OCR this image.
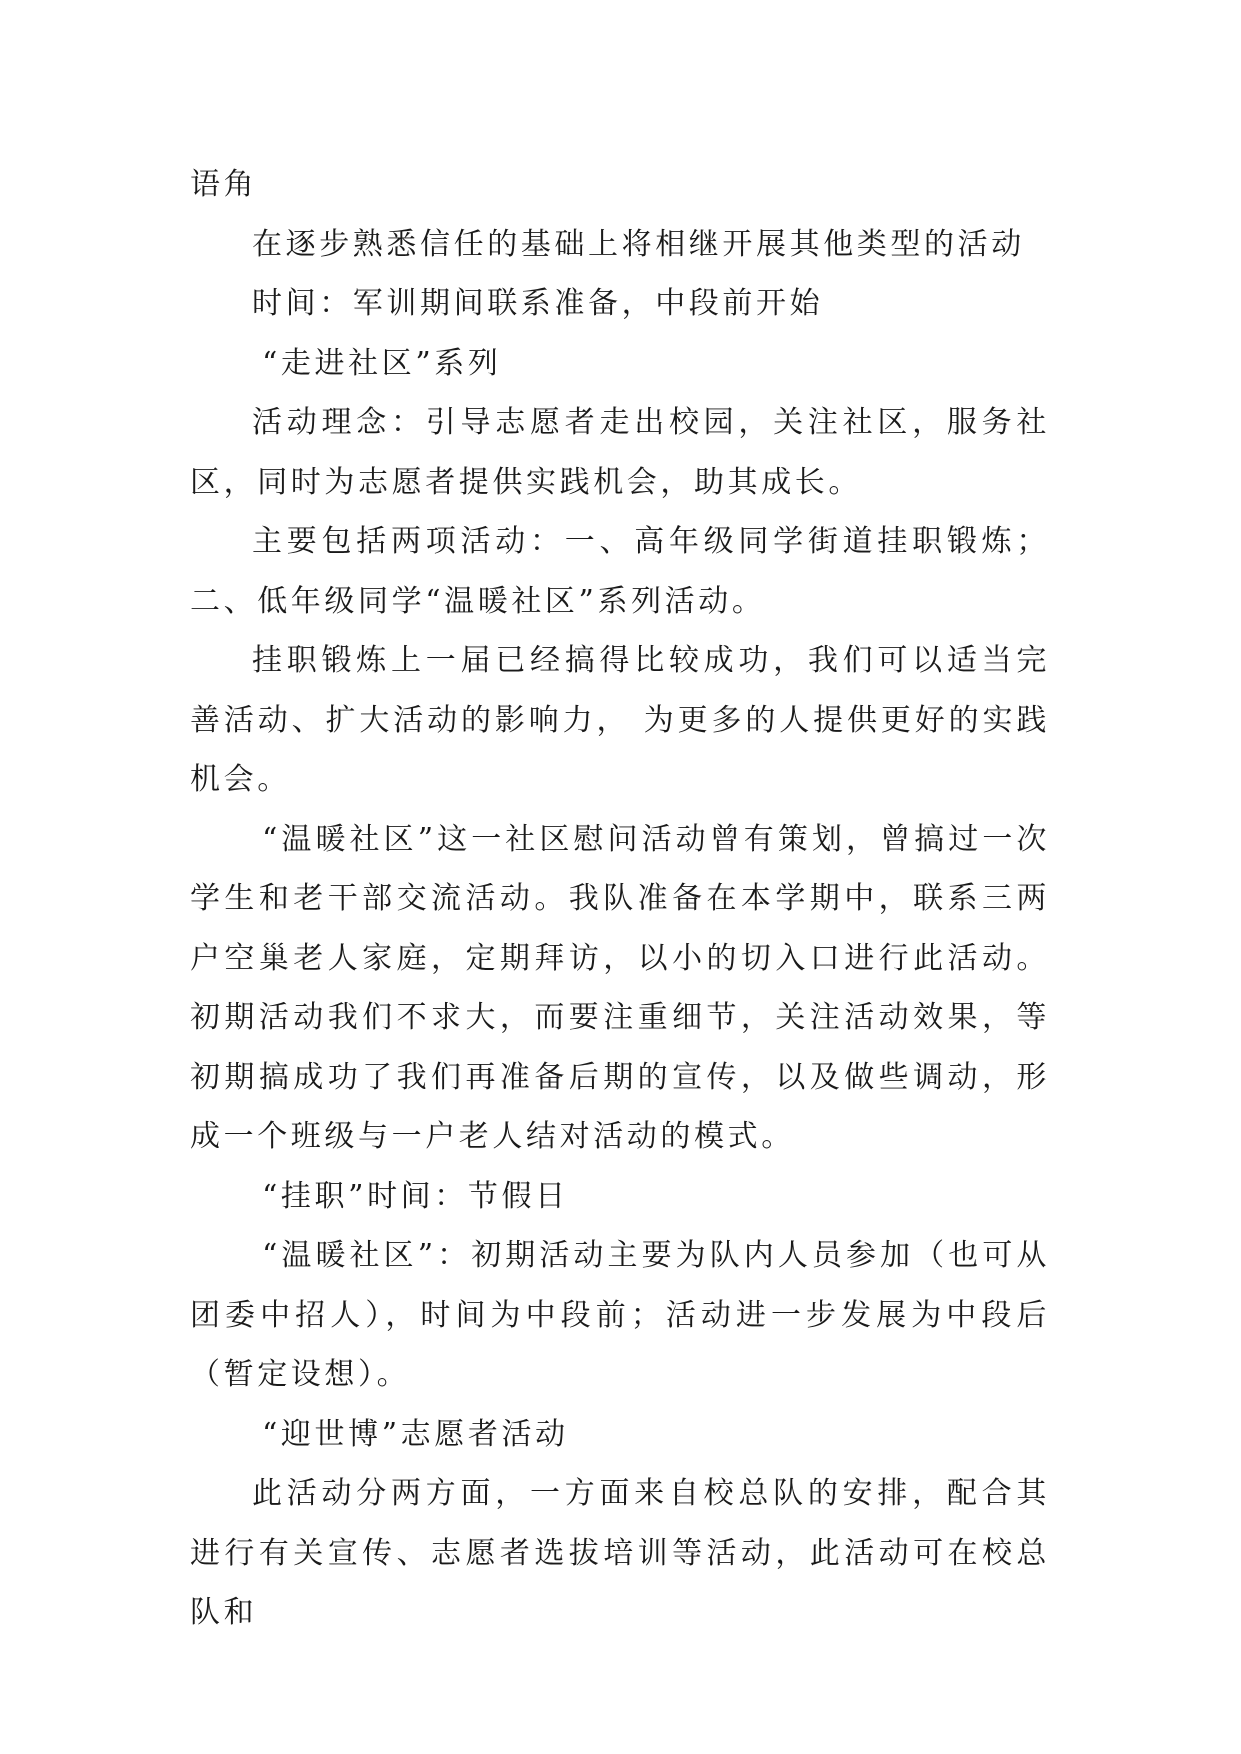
语角

在逐步熟悉信任的基础上将相继开展其他类型的活动

时间：军训期间联系准备，中段前开始

“走进社区”系列

活动理念：引导志愿者走出校园，关注社区，服务社区，同时为志愿者提供实践机会，助其成长。

主要包括两项活动：一、高年级同学街道挂职锻炼；二、低年级同学“温暖社区”系列活动。

挂职锻炼上一届已经搞得比较成功，我们可以适当完善活动、扩大活动的影响力， 为更多的人提供更好的实践机会。

“温暖社区”这一社区慰问活动曾有策划，曾搞过一次学生和老干部交流活动。我队准备在本学期中，联系三两户空巢老人家庭，定期拜访，以小的切入口进行此活动。初期活动我们不求大，而要注重细节，关注活动效果，等初期搞成功了我们再准备后期的宣传，以及做些调动，形成一个班级与一户老人结对活动的模式。

“挂职”时间：节假日

“温暖社区”：初期活动主要为队内人员参加（也可从团委中招人），时间为中段前；活动进一步发展为中段后（暂定设想）。

“迎世博”志愿者活动

此活动分两方面，一方面来自校总队的安排，配合其进行有关宣传、志愿者选拔培训等活动，此活动可在校总队和
